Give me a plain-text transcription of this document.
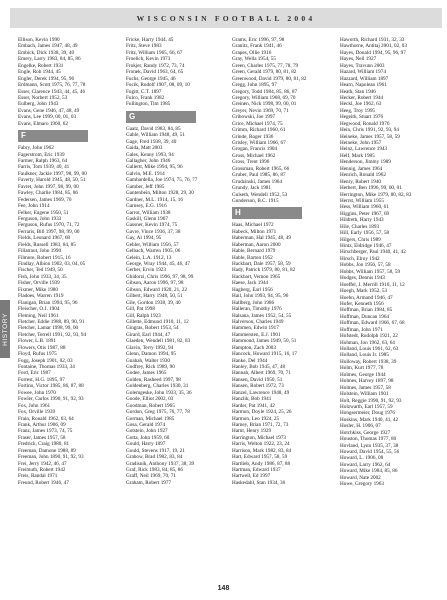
WISCONSIN FOOTBALL 2004
HISTORY
Ellison, Kevin 1990
Embach, James 1947, 48, 49
Embick, Dick 1938, 39, 40
Emery, Larry 1983, 84, 85, 86
Engelke, Robert 1931
Engle, Rob 1944, 45
Engler, Derek 1994, 95, 96
Erdmann, Scott 1975, 76, 77, 78
Esser, Clarence 1943, 44, 45, 46
Esser, Norbert 1952, 53
Eulberg, John 1943
Evans, Gene 1946, 47, 48, 49
Evans, Lee 1999, 00, 01, 03
Evans, Elmaro 1960, 62
F
Fabry, John 1962
Fagerstrom, Eric 1939
Farmer, Ralph 1963, 64
Farris, Tom 1939, 40, 41
Faulkner, Jackie 1997, 98, 99, 00
Faverty, Harold 1945, 48, 50, 51
Favret, John 1997, 98, 99, 00
Fawley, Charlie 1984, 85, 86
Federsen, James 1969, 70
Fee, John 1914
Felker, Eugene 1950, 51
Ferguson, John 1933
Ferguson, Rufus 1970, 71, 72
Ferraris, Bill 1997, 98, 99, 00
Fields, Leonard 1967, 68
Fields, Russell 1983, 84, 85
Fillatraut, John 1990
Filmore, Robert 1915, 16
Findlay, Albion 1902, 03, 04, 05
Fischer, Ted 1949, 50
Fish, John 1933, 34, 35
Fisher, Orville 1939
Fixmer, Mike 1980
Fladoes, Warren 1919
Flanigan, Brian 1994, 95, 96
Fleischer, O.J. 1904
Fleming, Neil 1961
Fletcher, Eddie 1988, 89, 90, 91
Fletcher, Lamar 1998, 99, 00
Fletcher, Terrell 1991, 92, 93, 94
Flower, L.B. 1891
Flowers, Otis 1987, 88
Floyd, Rufus 1975
Fogg, Joseph 1901, 02, 03
Fontaine, Thomas 1933, 34
Ford, Eric 1987
Forrest, H.G. 1895, 97
Fortino, Victor 1985, 86, 87, 88
Fowee, John 1970
Fowler, Carlos 1990, 91, 92, 93
Fox, John 1961
Fox, Orville 1939
Frain, Ronald 1962, 63, 64
Frank, Arthur 1906, 09
Franz, James 1973, 74, 75
Fraser, James 1957, 58
Fredrick, Craig 1980, 81
Freeman, Damone 1988, 89
Freeman, John 1890, 91, 92, 93
Frei, Jerry 1942, 46, 47
Freimuth, Robert 1942
Freis, Randal 1971
Freund, Robert 1946, 47
Fricke, Harry 1944, 45
Fritz, Steve 1983
Fritz, William 1965, 66, 67
Froelich, Kevin 1973
Frokjer, Randy 1972, 73, 74
Fronek, David 1963, 64, 65
Fuchs, George 1945, 46
Fucik, Rudolf 1907, 08, 09, 10
Fugitt, C.T. 1897
Fulco, Frank 1982
Fullington, Tim 1985
G
Gaatz, David 1983, 84, 85
Gable, William 1948, 49, 51
Gage, Fred 1938, 39, 40
Gaida, Matt 2003
Gales, Kenny 1993, 94
Gallagher, John 1946
Gallertt, Mike 1994, 95, 96
Galvin, M.E. 1914
Gambardella, Joe 1974, 75, 76, 77
Gamber, Jeff 1985
Gantenbein, Milton 1928, 29, 30
Gardner, M.L. 1914, 15, 16
Garnsey, E.G. 1916
Garrot, William 1938
Gaskill, Glenn 1967
Gassner, Kevin 1974, 75
Gavre, Vince 1936, 37, 38
Gay, Al 1994, 95
Gebler, William 1956, 57
Gelbach, Warren 1905, 06
Gelein, L.A. 1912, 13
George, Wray 1944, 45, 46, 47
Gerber, Ervin 1923
Ghidorzi, Chris 1996, 97, 98, 99
Gibson, Aaron 1996, 97, 98
Gibson, Edward 1920, 21, 22
Gilbert, Harry 1948, 50, 51
Gile, Gordon 1938, 39, 40
Gill, Pat 1998
Gill, Ralph 1923
Gillette, Edmund 1910, 11, 12
Gingras, Robert 1953, 54
Girard, Earl 1944, 47
Glaeden, Wendell 1981, 82, 83
Glavin, Terry 1992, 94
Glenn, Damon 1994, 95
Gnabah, Walter 1930
Godfrey, Rick 1989, 90
Godee, James 1965
Golden, Rasheed 1997, 98
Goldenberg, Charles 1930, 31
Golemgeske, John 1933, 35, 36
Goode, Elliot 2002, 03
Goodman, Robert 1965
Gordon, Greg 1975, 76, 77, 78
Gorman, Michael 1985
Gosa, Gerald 1974
Gotstein, John 1927
Gotta, John 1959, 60
Gould, Harry 1897
Gould, Stevens 1917, 19, 21
Grabow, Brad 1982, 83, 84
Gradisnik, Anthony 1937, 38, 39
Graf, Rick 1983, 84, 85, 86
Graff, Neil 1969, 70, 71
Graham, Robert 1977
Grams, Eric 1996, 97, 98
Granitz, Frank 1941, 46
Grapes, Ollie 1916
Gray, Wella 1954, 55
Green, Charles 1975, 77, 78, 79
Green, Gerald 1979, 80, 81, 82
Greenwood, David 1979, 80, 81, 82
Gregg, John 1895, 97
Gregory, Todd 1984, 85, 86, 87
Gregory, William 1968, 69, 70
Greinen, Nick 1998, 99, 00, 01
Greyer, Nevin 1969, 70, 71
Gribowski, Joe 1997
Grice, Michael 1974, 75
Grimm, Richard 1960, 61
Grinde, Roger 1936
Grisley, William 1966, 67
Grogan, Francis 1904
Gross, Michael 1962
Gross, Trent 1996
Grossman, Robert 1965, 66
Gruber, Paul 1985, 86, 87
Grudzinski, James 1964
Grundy, Jack 1981
Gulseth, Wendell 1952, 53
Gunderson, B.C. 1915
H
Haas, Michael 1972
Habeck, Milton 1971
Haberman, Hal 1945, 48, 49
Haberman, Aaron 2000
Hable, Bernard 1979
Hable, Barton 1952
Hackbart, Dale 1957, 58, 59
Hady, Patrick 1979, 80, 81, 82
Hackbart, Vernon 1965
Haese, Jack 1944
Hagberg, Earl 1956
Hail, John 1993, 94, 95, 96
Hallberg, John 1986
Halleran, Timothy 1976
Halsana, James 1952, 54, 55
Halverson, Charles 1949
Hammen, Edwin 1917
Hammersten, E.J. 1901
Hammond, James 1949, 50, 51
Hampton, Zach 2003
Hancock, Howard 1915, 16, 17
Hanke, Del 1944
Hanley, Bob 1945, 47, 48
Hannah, Albert 1969, 70, 71
Hansen, David 1950, 51
Hansen, Robert 1972, 73
Hanzel, Lawrence 1948, 49
Hanzlik, Bob 1941
Harder, Pat 1941, 42
Harmon, Doyle 1924, 25, 26
Harmon, Leo 1924, 25
Harney, Brian 1971, 72, 73
Harnt, Henry 1929
Harrington, Michael 1973
Harris, Welton 1922, 23, 24
Harrison, Mark 1982, 83, 84
Hart, Edward 1957, 58, 59
Hartlieb, Andy 1986, 87, 88
Hartman, Edward 1937
Hartwell, Ed 1997
Haskedahl, Stan 1934, 36
Haworth, Richard 1931, 32, 33
Hawthorne, Antitaj 2001, 02, 03
Hayes, Donald 1994, 95, 96, 97
Hayes, Neil 1927
Hayes, Travunn 2003
Hazard, William 1974
Hazzard, William 1897
Hearn, Napolean 1961
Heath, Stan 1946
Hecker, Robert 1944
Heckl, Joe 1962, 63
Heeg, Troy 1995
Hegeith, Stuart 1976
Hegwood, Ronald 1976
Hein, Chris 1991, 92, 93, 94
Heineke, James 1957, 58, 59
Heineke, John 1957
Heinz, Lawrence 1943
Helf, Mark 1985
Henderson, Jimmy 1989
Hennig, James 1964
Henrich, Ronald 1962
Henry, Robert 1940
Herbert, Ben 1996, 99, 00, 01
Herrington, Mike 1979, 80, 82, 83
Herrst, William 1955
Hess, William 1960, 61
Higgins, Peter 1967, 69
Hildreth, Harry 1943
Hile, Charles 1893
Hill, Early 1956, 57, 58
Hilgers, Chris 1989
Hintz, Eldridge 1946, 47
Hirschberger, Paul 1940, 41, 42
Hirsch, Elroy 1942
Hobbs, Jon 1956, 57, 58
Hobbs, William 1957, 58, 59
Hodges, Dennis 1943
Hoeffel, J. Merrill 1910, 11, 12
Hoegh, Mark 1952, 53
Hoehn, Armand 1946, 47
Hofer, Kenneth 1956
Hoffman, Brian 1984, 85
Hoffman, Duncan 1964
Hoffman, Edward 1966, 67, 68
Hoffman, John 1971
Hofstedt, Rudolph 1921, 22
Hohman, Jon 1962, 63, 64
Holland, Louis 1961, 62, 63
Holland, Louis Jr. 1985
Holloway, Robert 1938, 39
Holm, Kurt 1977, 78
Holmes, George 1944
Holmes, Harvey 1897, 98
Holmes, James 1957, 58
Holstein, William 1901
Holt, Reggie 1990, 91, 92, 93
Holzwarth, Earl 1957, 59
Hongsermeier, Doug 1976
Hoskins, Mark 1940, 41, 42
Hosler, H. 1906, 07
Hotchkiss, George 1927
Houston, Thomas 1977, 80
Hovland, Lynn 1935, 37, 38
Howard, David 1954, 55, 56
Howard, L. 1906, 08
Howard, Larry 1962, 64
Howard, Mike 1984, 85, 86
Howard, Nate 2002
Howe, Gregory 1963
148
